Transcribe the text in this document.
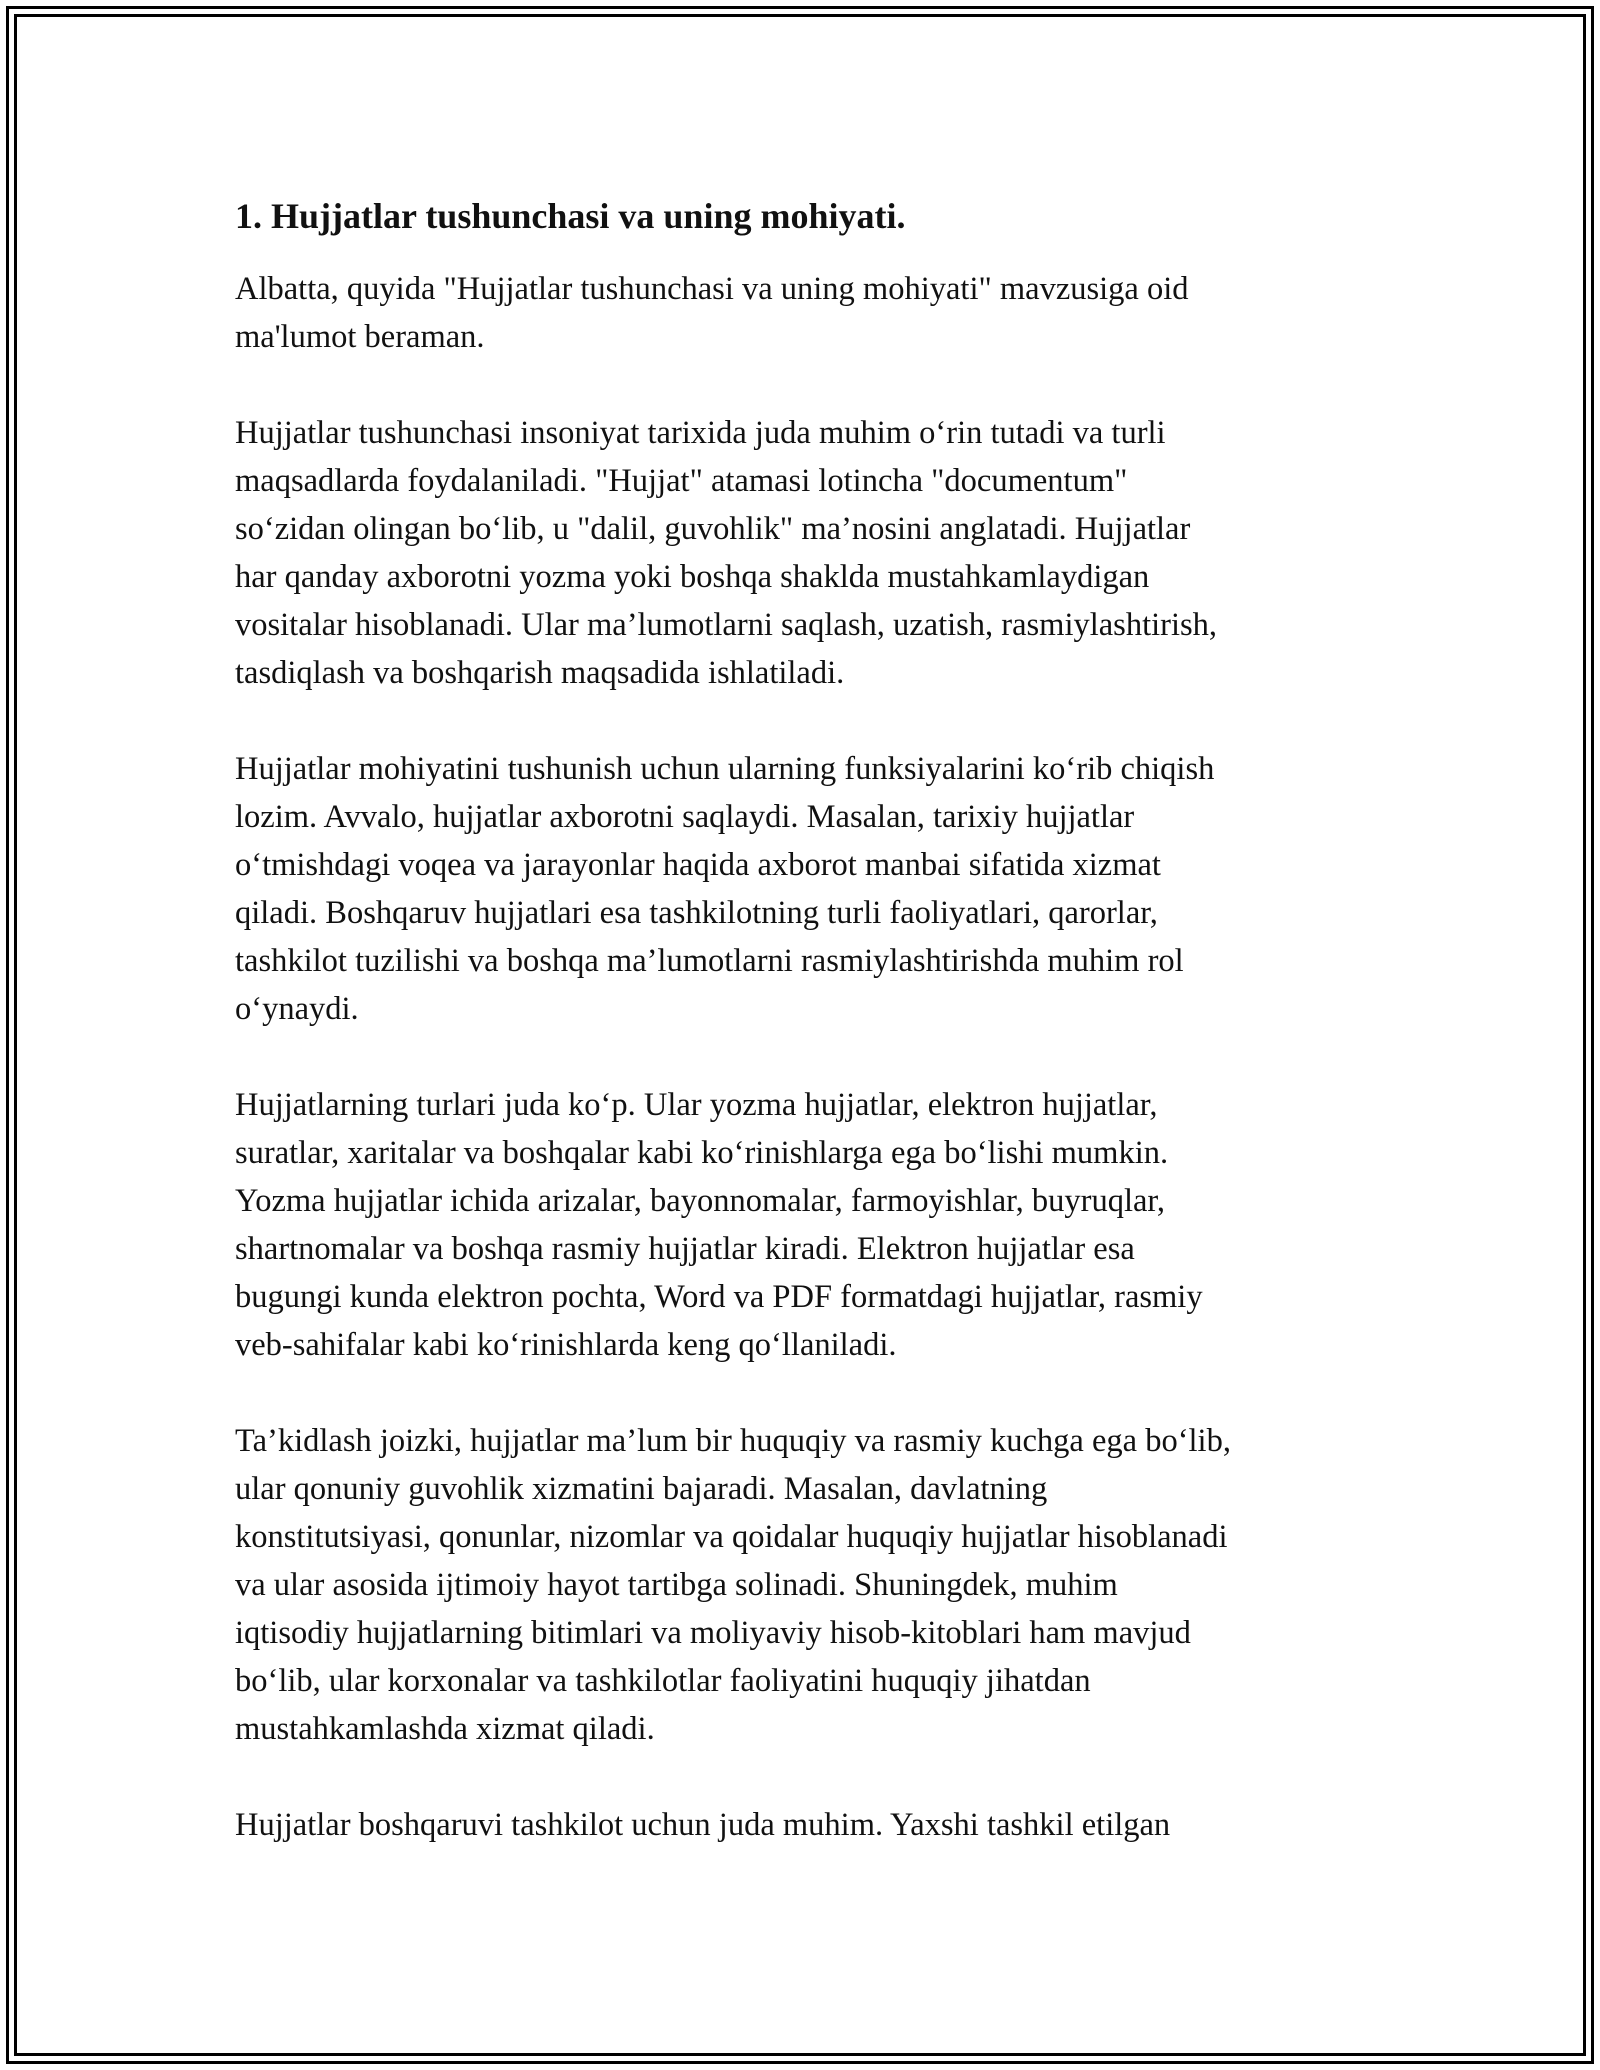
1. Hujjatlar tushunchasi va uning mohiyati.

Albatta, quyida "Hujjatlar tushunchasi va uning mohiyati" mavzusiga oid
ma'lumot beraman.

Hujjatlar tushunchasi insoniyat tarixida juda muhim o‘rin tutadi va turli
maqsadlarda foydalaniladi. "Hujjat" atamasi lotincha "documentum"
so‘zidan olingan bo‘lib, u "dalil, guvohlik" ma’nosini anglatadi. Hujjatlar
har qanday axborotni yozma yoki boshqa shaklda mustahkamlaydigan
vositalar hisoblanadi. Ular ma’lumotlarni saqlash, uzatish, rasmiylashtirish,
tasdiqlash va boshqarish maqsadida ishlatiladi.

Hujjatlar mohiyatini tushunish uchun ularning funksiyalarini ko‘rib chiqish
lozim. Avvalo, hujjatlar axborotni saqlaydi. Masalan, tarixiy hujjatlar
o‘tmishdagi voqea va jarayonlar haqida axborot manbai sifatida xizmat
qiladi. Boshqaruv hujjatlari esa tashkilotning turli faoliyatlari, qarorlar,
tashkilot tuzilishi va boshqa ma’lumotlarni rasmiylashtirishda muhim rol
o‘ynaydi.

Hujjatlarning turlari juda ko‘p. Ular yozma hujjatlar, elektron hujjatlar,
suratlar, xaritalar va boshqalar kabi ko‘rinishlarga ega bo‘lishi mumkin.
Yozma hujjatlar ichida arizalar, bayonnomalar, farmoyishlar, buyruqlar,
shartnomalar va boshqa rasmiy hujjatlar kiradi. Elektron hujjatlar esa
bugungi kunda elektron pochta, Word va PDF formatdagi hujjatlar, rasmiy
veb-sahifalar kabi ko‘rinishlarda keng qo‘llaniladi.

Ta’kidlash joizki, hujjatlar ma’lum bir huquqiy va rasmiy kuchga ega bo‘lib,
ular qonuniy guvohlik xizmatini bajaradi. Masalan, davlatning
konstitutsiyasi, qonunlar, nizomlar va qoidalar huquqiy hujjatlar hisoblanadi
va ular asosida ijtimoiy hayot tartibga solinadi. Shuningdek, muhim
iqtisodiy hujjatlarning bitimlari va moliyaviy hisob-kitoblari ham mavjud
bo‘lib, ular korxonalar va tashkilotlar faoliyatini huquqiy jihatdan
mustahkamlashda xizmat qiladi.

Hujjatlar boshqaruvi tashkilot uchun juda muhim. Yaxshi tashkil etilgan
